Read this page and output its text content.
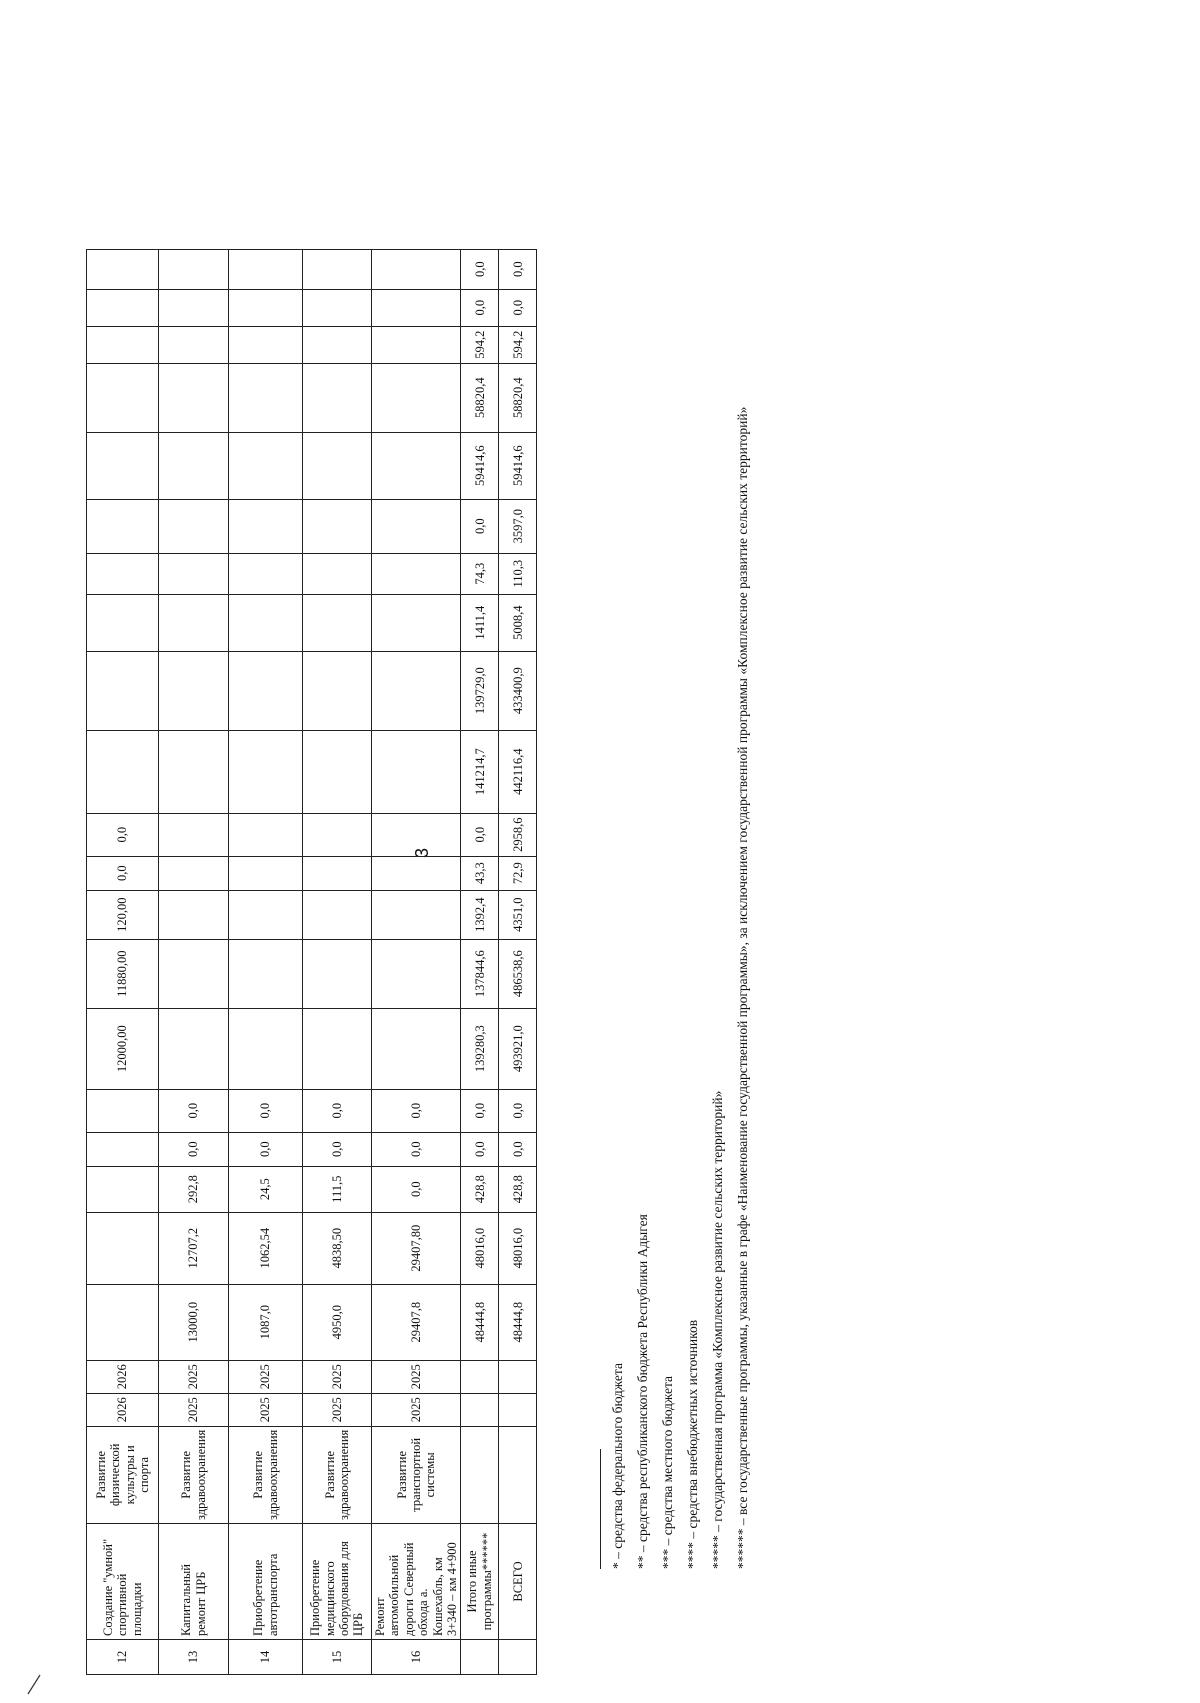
3
12	Создание "умной" спортивной площадки	Развитие физической культуры и спорта	2026	2026						12000,00	11880,00	120,00	0,0	0,0										
13	Капитальный ремонт ЦРБ	Развитие здравоохранения	2025	2025	13000,0	12707,2	292,8	0,0	0,0															
14	Приобретение автотранспорта	Развитие здравоохранения	2025	2025	1087,0	1062,54	24,5	0,0	0,0															
15	Приобретение медицинского оборудования для ЦРБ	Развитие здравоохранения	2025	2025	4950,0	4838,50	111,5	0,0	0,0															
16	Ремонт автомобильной дороги Северный обхода а. Кошехабль, км 3+340 – км 4+900	Развитие транспортной системы	2025	2025	29407,8	29407,80	0,0	0,0	0,0															
	Итого иные программы******				48444,8	48016,0	428,8	0,0	0,0	139280,3	137844,6	1392,4	43,3	0,0	141214,7	139729,0	1411,4	74,3	0,0	59414,6	58820,4	594,2	0,0	0,0
	ВСЕГО				48444,8	48016,0	428,8	0,0	0,0	493921,0	486538,6	4351,0	72,9	2958,6	442116,4	433400,9	5008,4	110,3	3597,0	59414,6	58820,4	594,2	0,0	0,0
* – средства федерального бюджета ** – средства республиканского бюджета Республики Адыгея *** – средства местного бюджета **** – средства внебюджетных источников ***** – государственная программа «Комплексное развитие сельских территорий» ****** – все государственные программы, указанные в графе «Наименование государственной программы», за исключением государственной программы «Комплексное развитие сельских территорий»
